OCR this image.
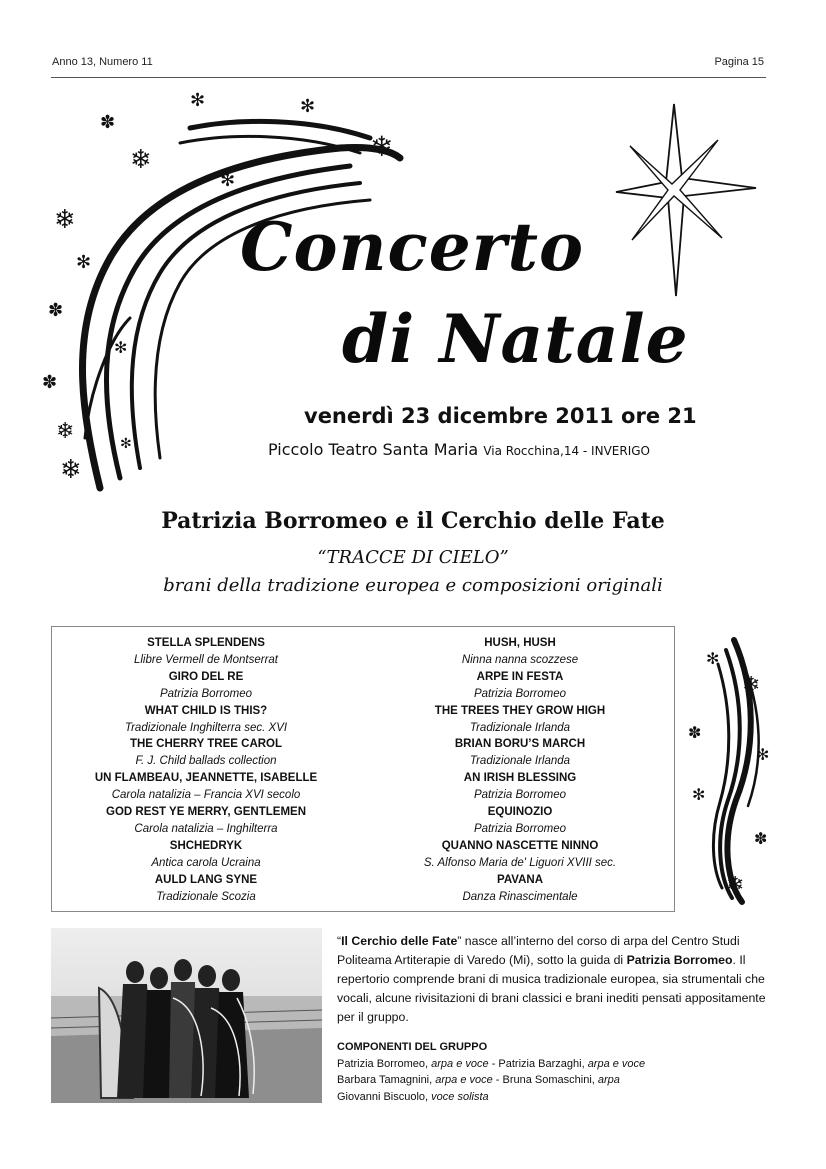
Anno 13, Numero 11	Pagina 15
✻
✽
❄
✻
❄
✻
❄
✻
✽
✻
✽
❄	✻
❄
Concerto
di Natale
venerdì 23 dicembre 2011 ore 21
Piccolo Teatro Santa Maria Via Rocchina,14 - INVERIGO
Patrizia Borromeo e il Cerchio delle Fate
“TRACCE DI CIELO”
brani della tradizione europea e composizioni originali
STELLA SPLENDENS
Llibre Vermell de Montserrat
GIRO DEL RE
Patrizia Borromeo
WHAT CHILD IS THIS?
Tradizionale Inghilterra sec. XVI
THE CHERRY TREE CAROL
F. J. Child ballads collection
UN FLAMBEAU, JEANNETTE, ISABELLE
Carola natalizia – Francia XVI secolo
GOD REST YE MERRY, GENTLEMEN
Carola natalizia – Inghilterra
SHCHEDRYK
Antica carola Ucraina
AULD LANG SYNE
Tradizionale Scozia
HUSH, HUSH
Ninna nanna scozzese
ARPE IN FESTA
Patrizia Borromeo
THE TREES THEY GROW HIGH
Tradizionale Irlanda
BRIAN BORU’S MARCH
Tradizionale Irlanda
AN IRISH BLESSING
Patrizia Borromeo
EQUINOZIO
Patrizia Borromeo
QUANNO NASCETTE NINNO
S. Alfonso Maria de' Liguori XVIII sec.
PAVANA
Danza Rinascimentale
✻
❄
✽
✻
✻
✽
❄
“Il Cerchio delle Fate” nasce all’interno del corso di arpa del Centro Studi Politeama Artiterapie di Varedo (Mi), sotto la guida di Patrizia Borromeo. Il repertorio comprende brani di musica tradizionale europea, sia strumentali che vocali, alcune rivisitazioni di brani classici e brani inediti pensati appositamente per il gruppo.
COMPONENTI DEL GRUPPO
Patrizia Borromeo, arpa e voce - Patrizia Barzaghi, arpa e voce
Barbara Tamagnini, arpa e voce - Bruna Somaschini, arpa
Giovanni Biscuolo, voce solista
